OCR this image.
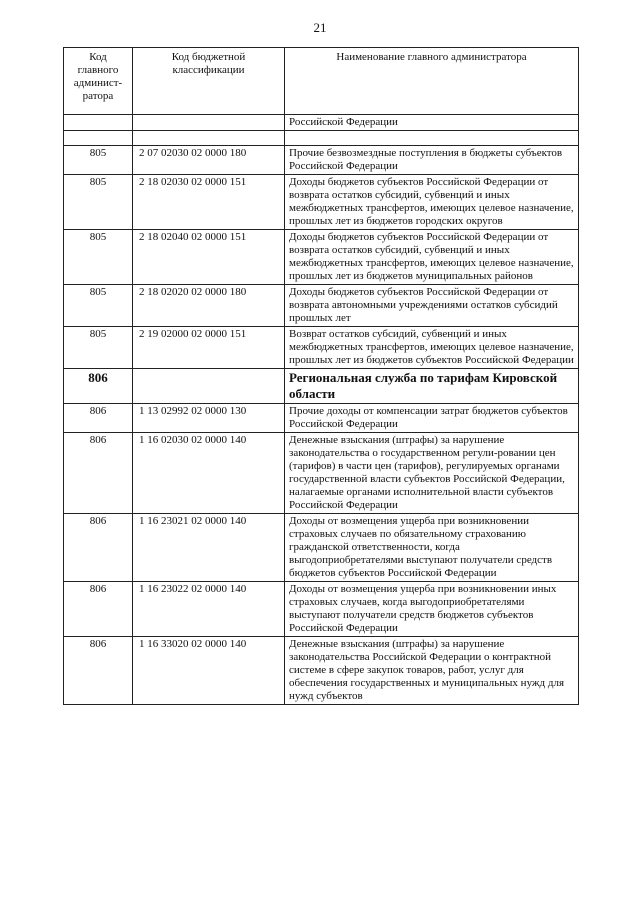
21
Код главного админист-ратора	Код бюджетной классификации	Наименование главного администратора
		Российской Федерации

805	2 07 02030 02 0000 180	Прочие безвозмездные поступления в бюджеты субъектов Российской Федерации
805	2 18 02030 02 0000 151	Доходы бюджетов субъектов Российской Федерации от возврата остатков субсидий, субвенций и иных межбюджетных трансфертов, имеющих целевое назначение, прошлых лет из бюджетов городских округов
805	2 18 02040 02 0000 151	Доходы бюджетов субъектов Российской Федерации от возврата остатков субсидий, субвенций и иных межбюджетных трансфертов, имеющих целевое назначение, прошлых лет из бюджетов муниципальных районов
805	2 18 02020 02 0000 180	Доходы бюджетов субъектов Российской Федерации от возврата автономными учреждениями остатков субсидий прошлых лет
805	2 19 02000 02 0000 151	Возврат остатков субсидий, субвенций и иных межбюджетных трансфертов, имеющих целевое назначение, прошлых лет из бюджетов субъектов Российской Федерации
806		Региональная служба по тарифам Кировской области
806	1 13 02992 02 0000 130	Прочие доходы от компенсации затрат бюджетов субъектов Российской Федерации
806	1 16 02030 02 0000 140	Денежные взыскания (штрафы) за нарушение законодательства о государственном регули-ровании цен (тарифов) в части цен (тарифов), регулируемых органами государственной власти субъектов Российской Федерации, налагаемые органами исполнительной власти субъектов Российской Федерации
806	1 16 23021 02 0000 140	Доходы от возмещения ущерба при возникновении страховых случаев по обязательному страхованию гражданской ответственности, когда выгодоприобретателями выступают получатели средств бюджетов субъектов Российской Федерации
806	1 16 23022 02 0000 140	Доходы от возмещения ущерба при возникновении иных страховых случаев, когда выгодоприобретателями выступают получатели средств бюджетов субъектов Российской Федерации
806	1 16 33020 02 0000 140	Денежные взыскания (штрафы) за нарушение законодательства Российской Федерации о контрактной системе в сфере закупок товаров, работ, услуг для обеспечения государственных и муниципальных нужд для нужд субъектов
